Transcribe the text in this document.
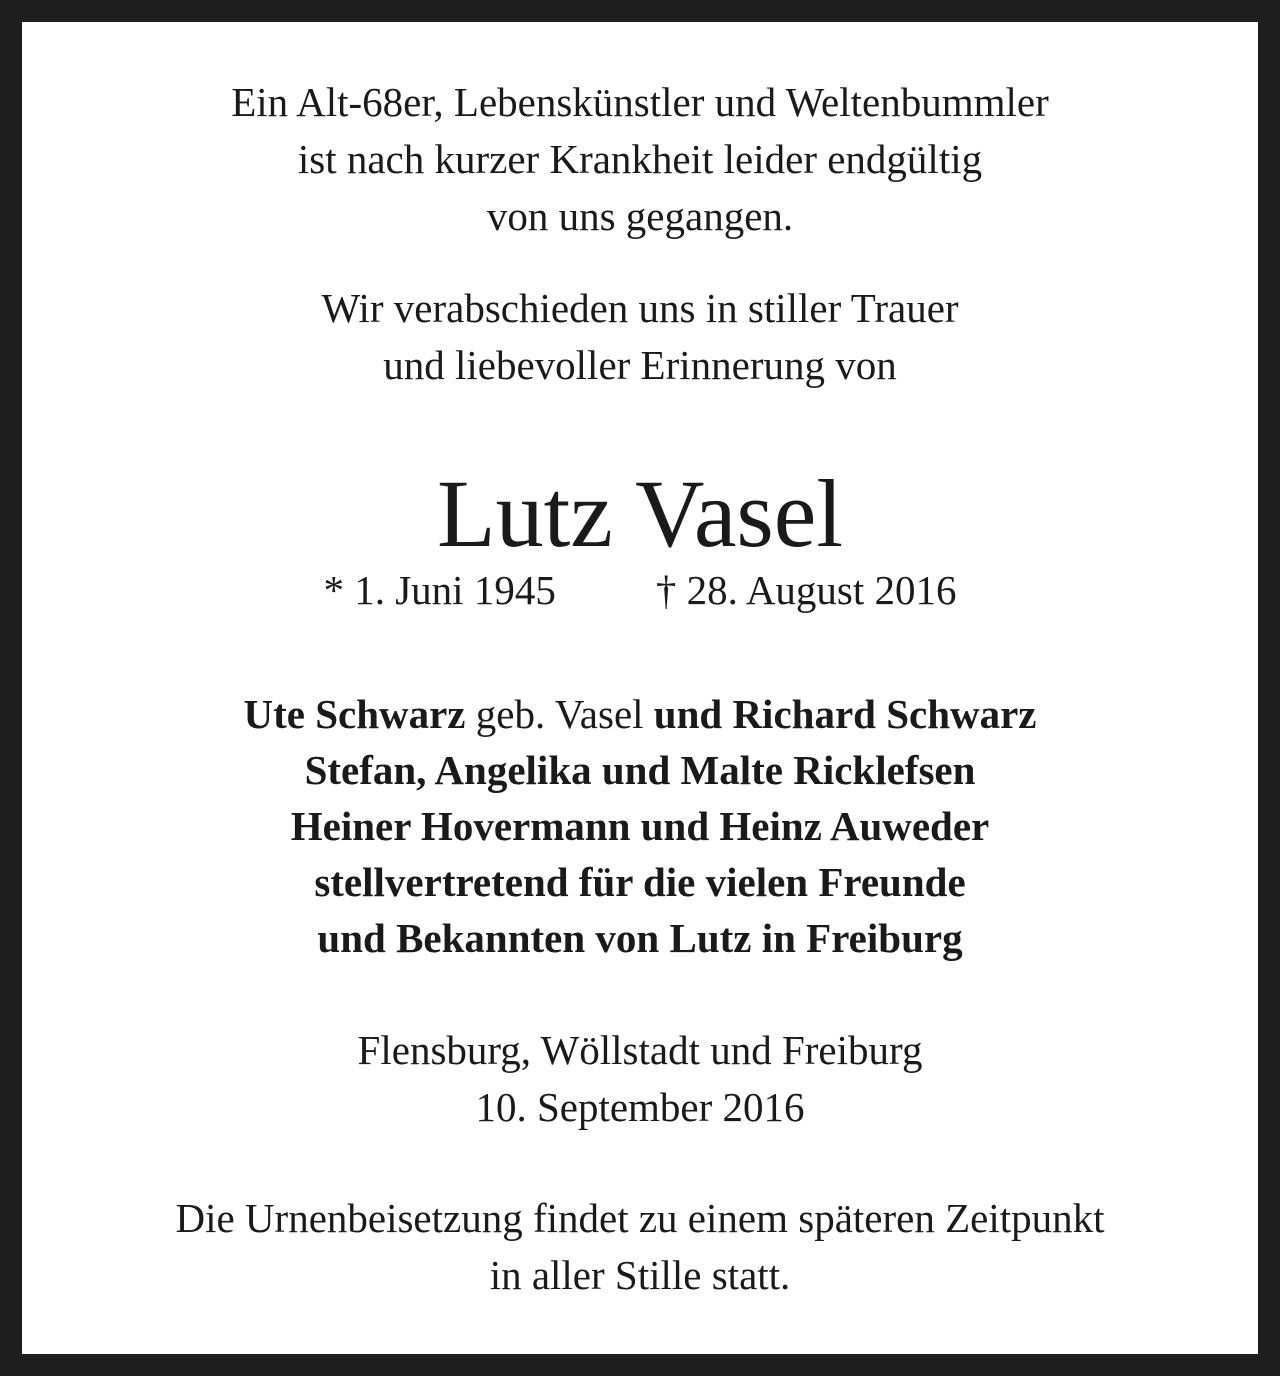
Ein Alt-68er, Lebenskünstler und Weltenbummler
ist nach kurzer Krankheit leider endgültig
von uns gegangen.
Wir verabschieden uns in stiller Trauer
und liebevoller Erinnerung von
Lutz Vasel
* 1. Juni 1945 † 28. August 2016
Ute Schwarz geb. Vasel und Richard Schwarz
Stefan, Angelika und Malte Ricklefsen
Heiner Hovermann und Heinz Auweder
stellvertretend für die vielen Freunde
und Bekannten von Lutz in Freiburg
Flensburg, Wöllstadt und Freiburg
10. September 2016
Die Urnenbeisetzung findet zu einem späteren Zeitpunkt
in aller Stille statt.
